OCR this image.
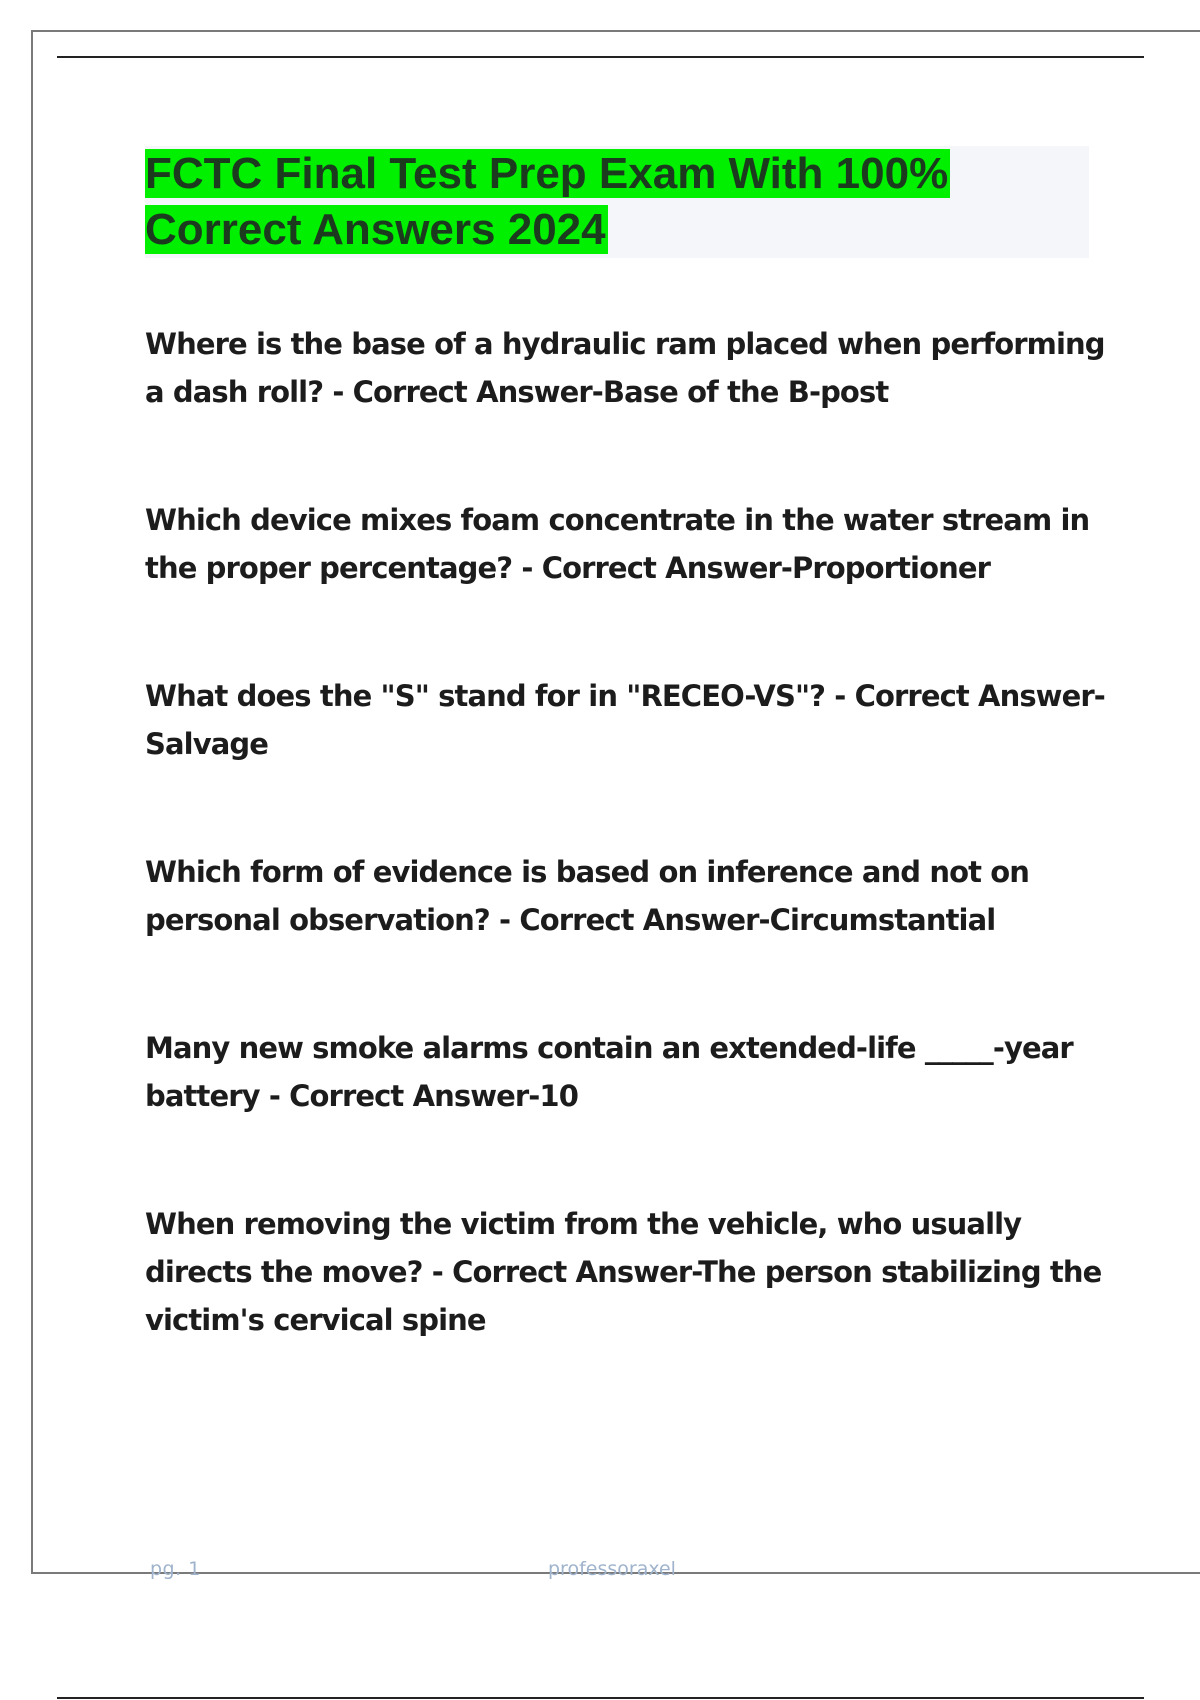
FCTC Final Test Prep Exam With 100%

Correct Answers 2024

Where is the base of a hydraulic ram placed when performing
a dash roll? - Correct Answer-Base of the B-post

Which device mixes foam concentrate in the water stream in
the proper percentage? - Correct Answer-Proportioner

What does the "S" stand for in "RECEO-VS"? - Correct Answer-
Salvage

Which form of evidence is based on inference and not on
personal observation? - Correct Answer-Circumstantial

Many new smoke alarms contain an extended-life _____-year
battery - Correct Answer-10

When removing the victim from the vehicle, who usually
directs the move? - Correct Answer-The person stabilizing the
victim's cervical spine

pg. 1	professoraxel
